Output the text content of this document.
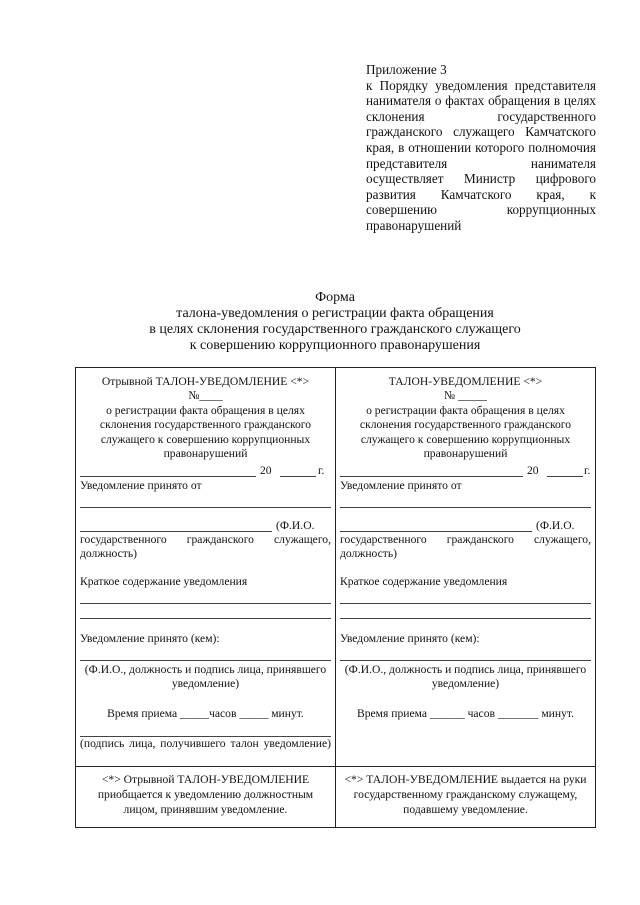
Приложение 3
к Порядку уведомления представителя нанимателя о фактах обращения в целях склонения государственного гражданского служащего Камчатского края, в отношении которого полномочия представителя нанимателя осуществляет Министр цифрового развития Камчатского края, к совершению коррупционных правонарушений
Форма
талона-уведомления о регистрации факта обращения
в целях склонения государственного гражданского служащего
к совершению коррупционного правонарушения
Отрывной ТАЛОН-УВЕДОМЛЕНИЕ <*>
№____
о регистрации факта обращения в целях склонения государственного гражданского служащего к совершению коррупционных правонарушений
20	г.
Уведомление принято от
(Ф.И.О.
государственного гражданского служащего, должность)
Краткое содержание уведомления
Уведомление принято (кем):
(Ф.И.О., должность и подпись лица, принявшего уведомление)
Время приема _____часов _____ минут.
(подпись лица, получившего талон уведомление)
ТАЛОН-УВЕДОМЛЕНИЕ <*>
№ _____
о регистрации факта обращения в целях склонения государственного гражданского служащего к совершению коррупционных правонарушений
20	г.
Уведомление принято от
(Ф.И.О.
государственного гражданского служащего, должность)
Краткое содержание уведомления
Уведомление принято (кем):
(Ф.И.О., должность и подпись лица, принявшего уведомление)
Время приема ______ часов _______ минут.
<*> Отрывной ТАЛОН-УВЕДОМЛЕНИЕ приобщается к уведомлению должностным лицом, принявшим уведомление.
<*> ТАЛОН-УВЕДОМЛЕНИЕ выдается на руки государственному гражданскому служащему, подавшему уведомление.
